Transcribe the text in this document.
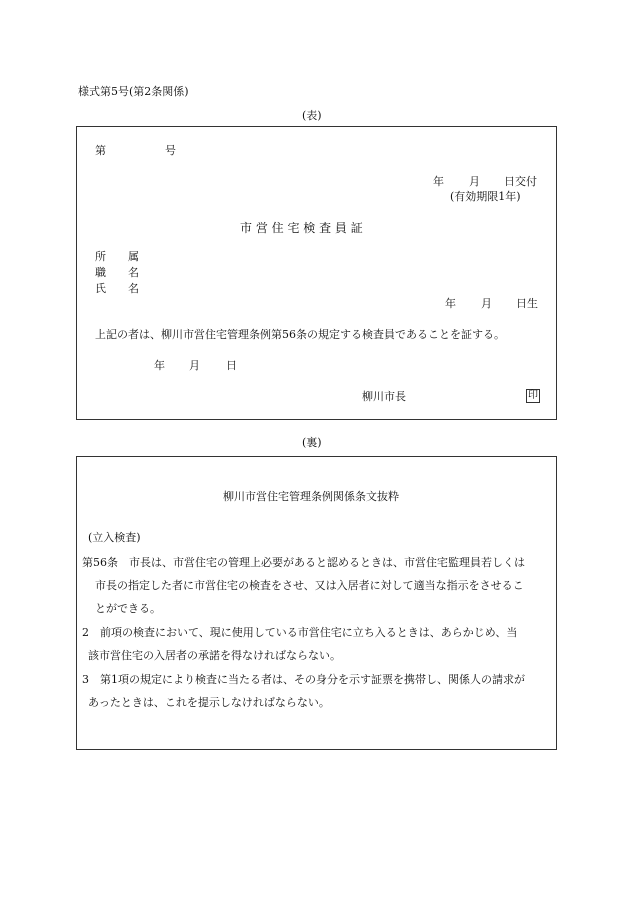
様式第5号(第2条関係)
(表)
第	号
年 月 日交付
(有効期限1年)
市 営 住 宅 検 査 員 証
所　　属
職　　名
氏　　名
年 月 日生
上記の者は、柳川市営住宅管理条例第56条の規定する検査員であることを証する。
年 月 日
柳川市長	印
(裏)
柳川市営住宅管理条例関係条文抜粋
(立入検査)
第56条　市長は、市営住宅の管理上必要があると認めるときは、市営住宅監理員若しくは
市長の指定した者に市営住宅の検査をさせ、又は入居者に対して適当な指示をさせるこ
とができる。
2　前項の検査において、現に使用している市営住宅に立ち入るときは、あらかじめ、当
該市営住宅の入居者の承諾を得なければならない。
3　第1項の規定により検査に当たる者は、その身分を示す証票を携帯し、関係人の請求が
あったときは、これを提示しなければならない。
